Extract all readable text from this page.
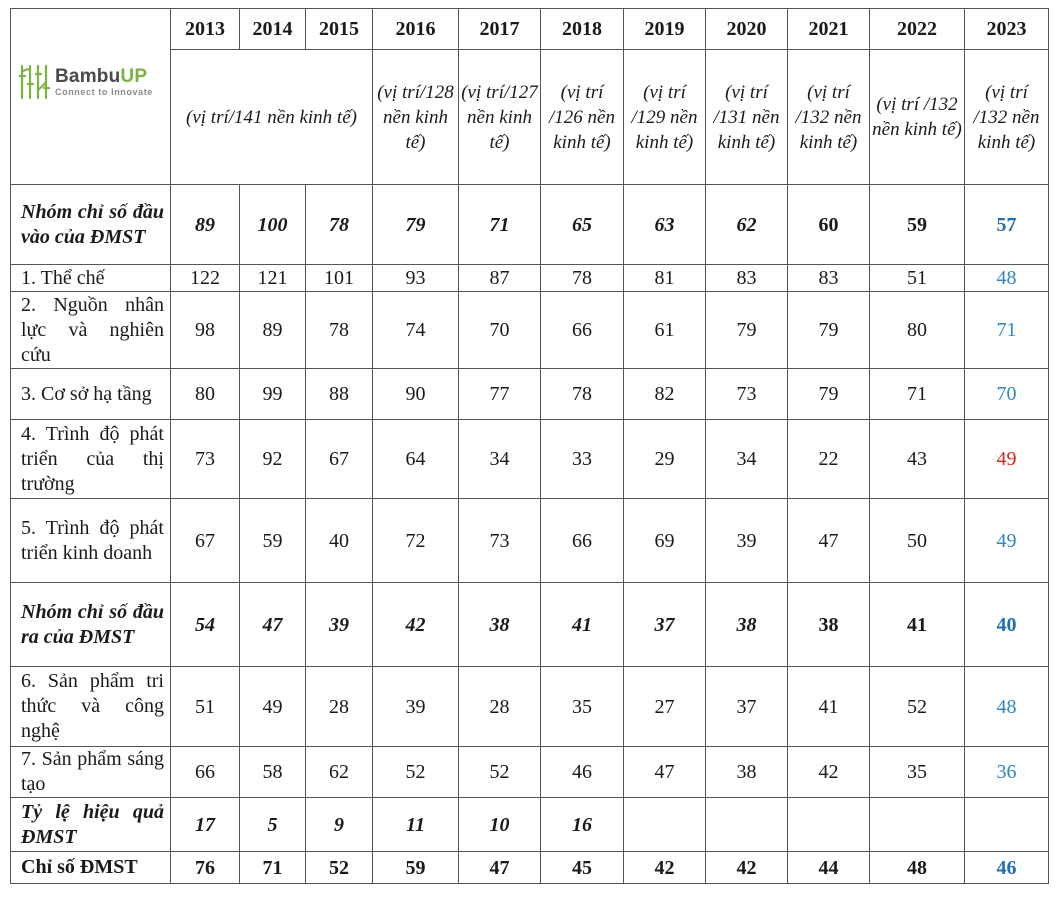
BambuUP
Connect to Innovate	2013	2014	2015	2016	2017	2018	2019	2020	2021	2022	2023
	(vị trí/141 nền kinh tế)			(vị trí/128 nền kinh tế)	(vị trí/127 nền kinh tế)	(vị trí /126 nền kinh tế)	(vị trí /129 nền kinh tế)	(vị trí /131 nền kinh tế)	(vị trí /132 nền kinh tế)	(vị trí /132 nền kinh tế)	(vị trí /132 nền kinh tế)
Nhóm chỉ số đầu vào của ĐMST	89	100	78	79	71	65	63	62	60	59	57
1. Thể chế	122	121	101	93	87	78	81	83	83	51	48
2. Nguồn nhân lực và nghiên cứu	98	89	78	74	70	66	61	79	79	80	71
3. Cơ sở hạ tầng	80	99	88	90	77	78	82	73	79	71	70
4. Trình độ phát triển của thị trường	73	92	67	64	34	33	29	34	22	43	49
5. Trình độ phát triển kinh doanh	67	59	40	72	73	66	69	39	47	50	49
Nhóm chỉ số đầu ra của ĐMST	54	47	39	42	38	41	37	38	38	41	40
6. Sản phẩm tri thức và công nghệ	51	49	28	39	28	35	27	37	41	52	48
7. Sản phẩm sáng tạo	66	58	62	52	52	46	47	38	42	35	36
Tỷ lệ hiệu quả ĐMST	17	5	9	11	10	16					
Chỉ số ĐMST	76	71	52	59	47	45	42	42	44	48	46
